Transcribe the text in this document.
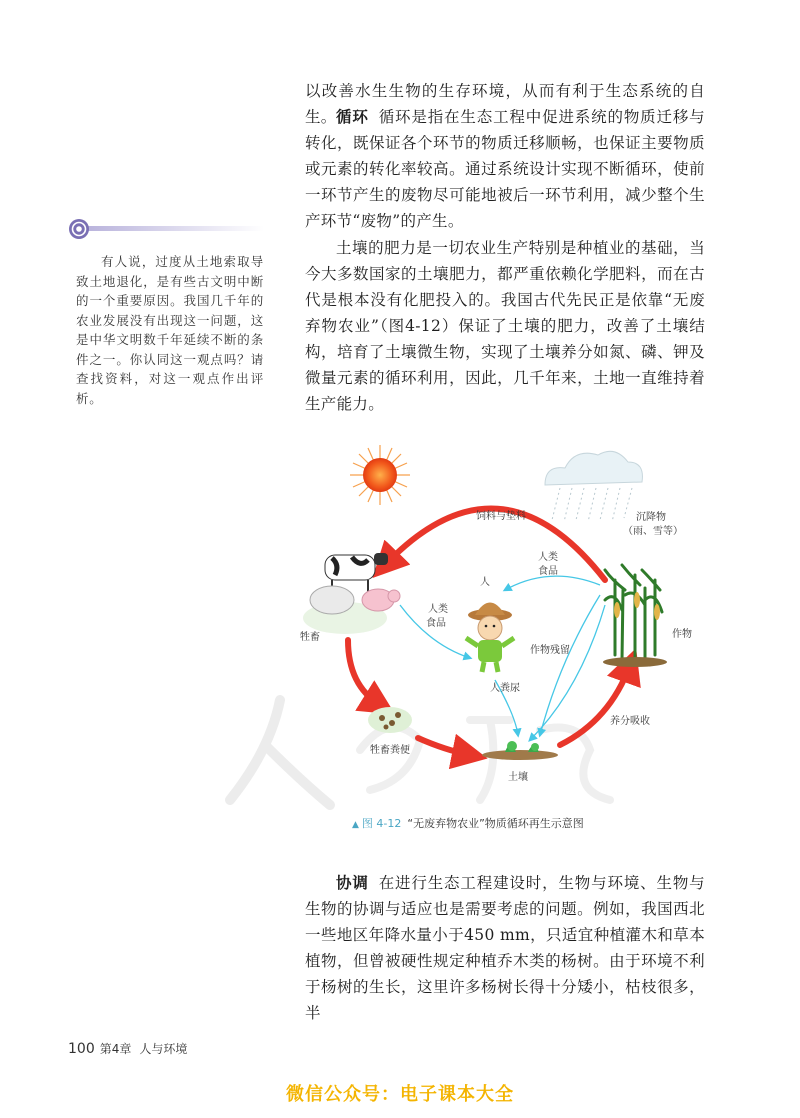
以改善水生生物的生存环境，从而有利于生态系统的自生。 循环 循环是指在生态工程中促进系统的物质迁移与转化，既保证各个环节的物质迁移顺畅，也保证主要物质或元素的转化率较高。通过系统设计实现不断循环，使前一环节产生的废物尽可能地被后一环节利用，减少整个生产环节“废物”的产生。

土壤的肥力是一切农业生产特别是种植业的基础，当今大多数国家的土壤肥力，都严重依赖化学肥料，而在古代是根本没有化肥投入的。我国古代先民正是依靠“无废弃物农业”（图4-12）保证了土壤的肥力，改善了土壤结构，培育了土壤微生物，实现了土壤养分如氮、磷、钾及微量元素的循环利用，因此，几千年来，土地一直维持着生产能力。

有人说，过度从土地索取导致土地退化，是有些古文明中断的一个重要原因。我国几千年的农业发展没有出现这一问题，这是中华文明数千年延续不断的条件之一。你认同这一观点吗？请查找资料，对这一观点作出评析。

饲料与垫料	沉降物
（雨、雪等）
人类
食品
人
人类
食品
牲畜	作物
作物残留
人粪尿
养分吸收
牲畜粪便
土壤
▲ 图 4-12 “无废弃物农业”物质循环再生示意图

协调 在进行生态工程建设时，生物与环境、生物与生物的协调与适应也是需要考虑的问题。例如，我国西北一些地区年降水量小于450 mm，只适宜种植灌木和草本植物，但曾被硬性规定种植乔木类的杨树。由于环境不利于杨树的生长，这里许多杨树长得十分矮小，枯枝很多，半

100 第4章 人与环境
微信公众号：电子课本大全
